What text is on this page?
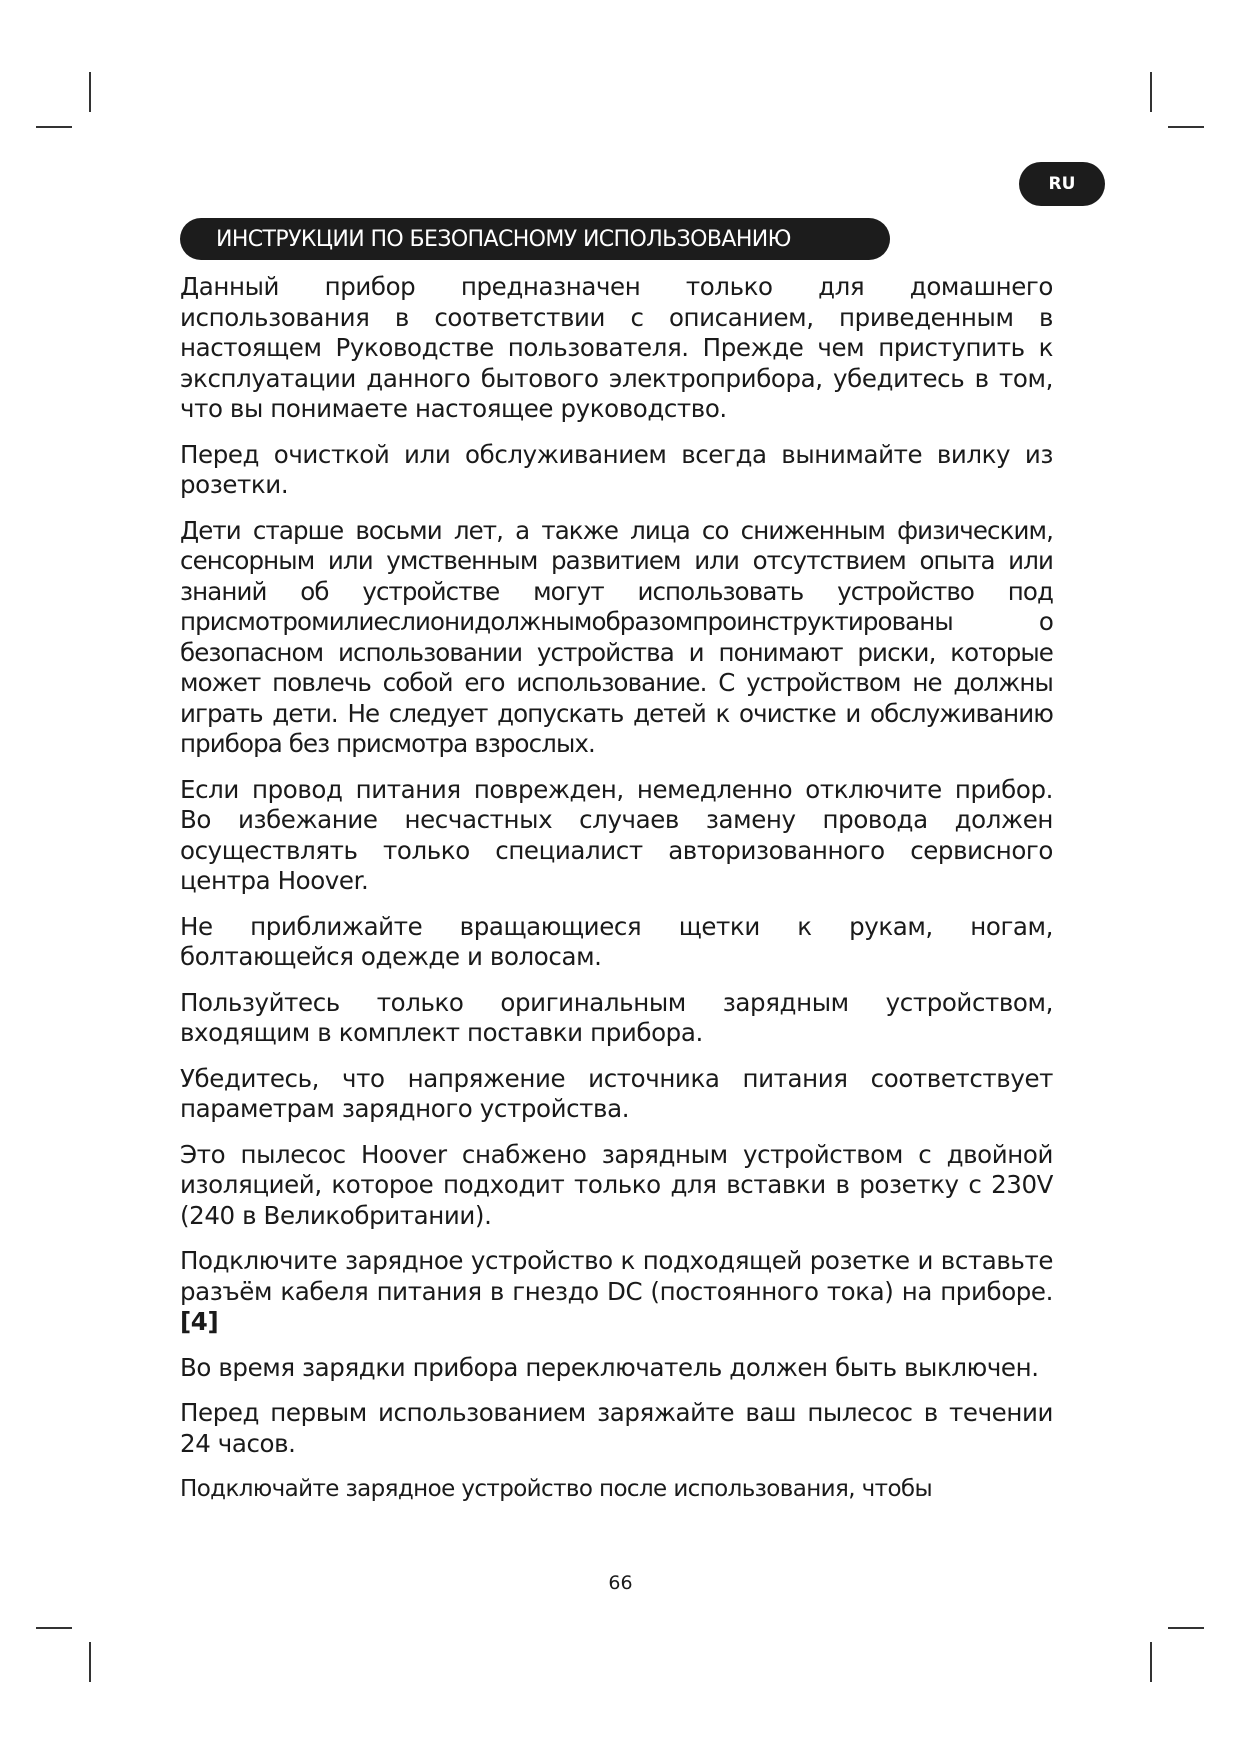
RU
ИНСТРУКЦИИ ПО БЕЗОПАСНОМУ ИСПОЛЬЗОВАНИЮ

Данный прибор предназначен только для домашнего использования в соответствии с описанием, приведенным в настоящем Руководстве пользователя. Прежде чем приступить к эксплуатации данного бытового электроприбора, убедитесь в том, что вы понимаете настоящее руководство.

Перед очисткой или обслуживанием всегда вынимайте вилку из розетки.

Дети старше восьми лет, а также лица со сниженным физическим, сенсорным или умственным развитием или отсутствием опыта или знаний об устройстве могут использовать устройство под присмотромилиеслионидолжнымобразомпроинструктированы о безопасном использовании устройства и понимают риски, которые может повлечь собой его использование. С устройством не должны играть дети. Не следует допускать детей к очистке и обслуживанию прибора без присмотра взрослых.

Если провод питания поврежден, немедленно отключите прибор. Во избежание несчастных случаев замену провода должен осуществлять только специалист авторизованного сервисного центра Hoover.

Не приближайте вращающиеся щетки к рукам, ногам, болтающейся одежде и волосам.

Пользуйтесь только оригинальным зарядным устройством, входящим в комплект поставки прибора.

Убедитесь, что напряжение источника питания соответствует параметрам зарядного устройства.

Это пылесос Hoover снабжено зарядным устройством с двойной изоляцией, которое подходит только для вставки в розетку с 230V (240 в Великобритании).

Подключите зарядное устройство к подходящей розетке и вставьте разъём кабеля питания в гнездо DC (постоянного тока) на приборе. [4]

Во время зарядки прибора переключатель должен быть выключен.

Перед первым использованием заряжайте ваш пылесос в течении 24 часов.

Подключайте зарядное устройство после использования, чтобы

66
